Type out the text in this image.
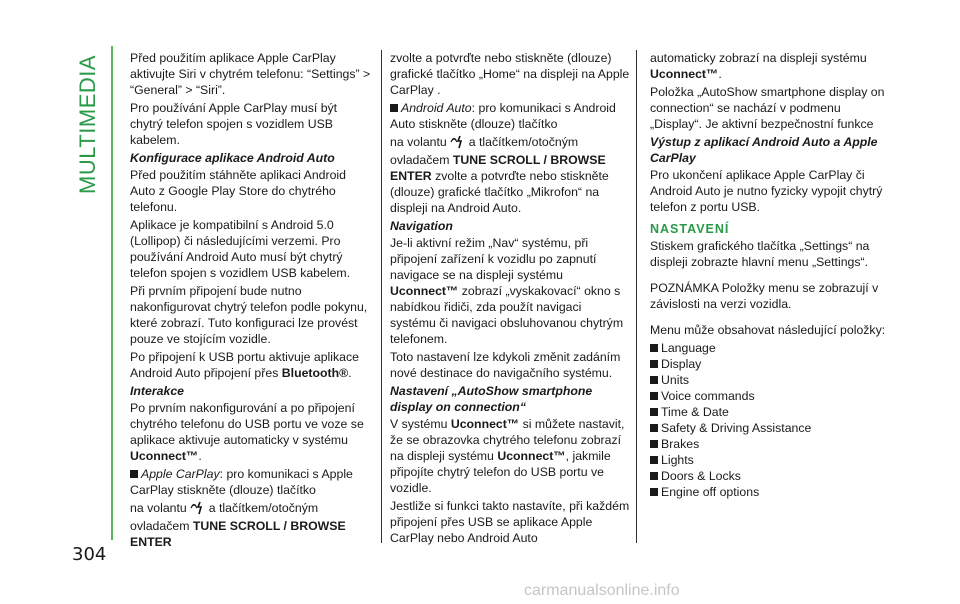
MULTIMEDIA
304

Před použitím aplikace Apple CarPlay aktivujte Siri v chytrém telefonu: “Settings” > “General” > “Siri”.

Pro používání Apple CarPlay musí být chytrý telefon spojen s vozidlem USB kabelem.

Konfigurace aplikace Android Auto

Před použitím stáhněte aplikaci Android Auto z Google Play Store do chytrého telefonu.

Aplikace je kompatibilní s Android 5.0 (Lollipop) či následujícími verzemi. Pro používání Android Auto musí být chytrý telefon spojen s vozidlem USB kabelem.

Při prvním připojení bude nutno nakonfigurovat chytrý telefon podle pokynu, které zobrazí. Tuto konfiguraci lze provést pouze ve stojícím vozidle.

Po připojení k USB portu aktivuje aplikace Android Auto připojení přes Bluetooth®.

Interakce

Po prvním nakonfigurování a po připojení chytrého telefonu do USB portu ve voze se aplikace aktivuje automaticky v systému Uconnect™.

Apple CarPlay: pro komunikaci s Apple CarPlay stiskněte (dlouze) tlačítko

na volantu a tlačítkem/otočným

ovladačem TUNE SCROLL / BROWSE ENTER

zvolte a potvrďte nebo stiskněte (dlouze) grafické tlačítko „Home“ na displeji na Apple CarPlay .

Android Auto: pro komunikaci s Android Auto stiskněte (dlouze) tlačítko

na volantu a tlačítkem/otočným

ovladačem TUNE SCROLL / BROWSE ENTER zvolte a potvrďte nebo stiskněte (dlouze) grafické tlačítko „Mikrofon“ na displeji na Android Auto.

Navigation

Je-li aktivní režim „Nav“ systému, při připojení zařízení k vozidlu po zapnutí navigace se na displeji systému Uconnect™ zobrazí „vyskakovací“ okno s nabídkou řidiči, zda použít navigaci systému či navigaci obsluhovanou chytrým telefonem.

Toto nastavení lze kdykoli změnit zadáním nové destinace do navigačního systému.

Nastavení „AutoShow smartphone display on connection“

V systému Uconnect™ si můžete nastavit, že se obrazovka chytrého telefonu zobrazí na displeji systému Uconnect™, jakmile připojíte chytrý telefon do USB portu ve vozidle.

Jestliže si funkci takto nastavíte, při každém připojení přes USB se aplikace Apple CarPlay nebo Android Auto

automaticky zobrazí na displeji systému Uconnect™.

Položka „AutoShow smartphone display on connection“ se nachází v podmenu „Display“. Je aktivní bezpečnostní funkce

Výstup z aplikací Android Auto a Apple CarPlay

Pro ukončení aplikace Apple CarPlay či Android Auto je nutno fyzicky vypojit chytrý telefon z portu USB.

NASTAVENÍ

Stiskem grafického tlačítka „Settings“ na displeji zobrazte hlavní menu „Settings“.

POZNÁMKA Položky menu se zobrazují v závislosti na verzi vozidla.

Menu může obsahovat následující položky:

Language
Display
Units
Voice commands
Time & Date
Safety & Driving Assistance
Brakes
Lights
Doors & Locks
Engine off options
carmanualsonline.info
